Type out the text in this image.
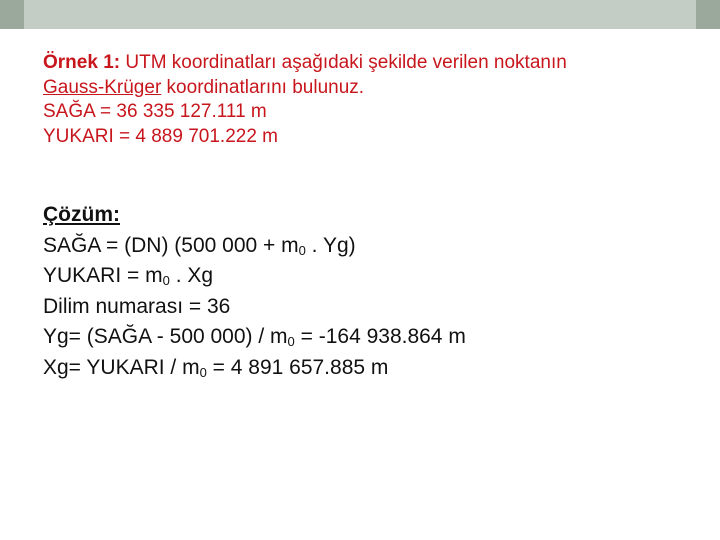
Örnek 1: UTM koordinatları aşağıdaki şekilde verilen noktanın
Gauss-Krüger koordinatlarını bulunuz.
SAĞA = 36 335 127.111 m
YUKARI = 4 889 701.222 m
Çözüm:
SAĞA = (DN) (500 $000 + m_0$ . Yg)
YUKARI = $m_0$ . Xg
Dilim numarası = 36
Yg= (SAĞA - 500 $000) / m_0 = -164$ 938.864 m
Xg= YUKARI / $m_0 = 4$ 891 657.885 m
